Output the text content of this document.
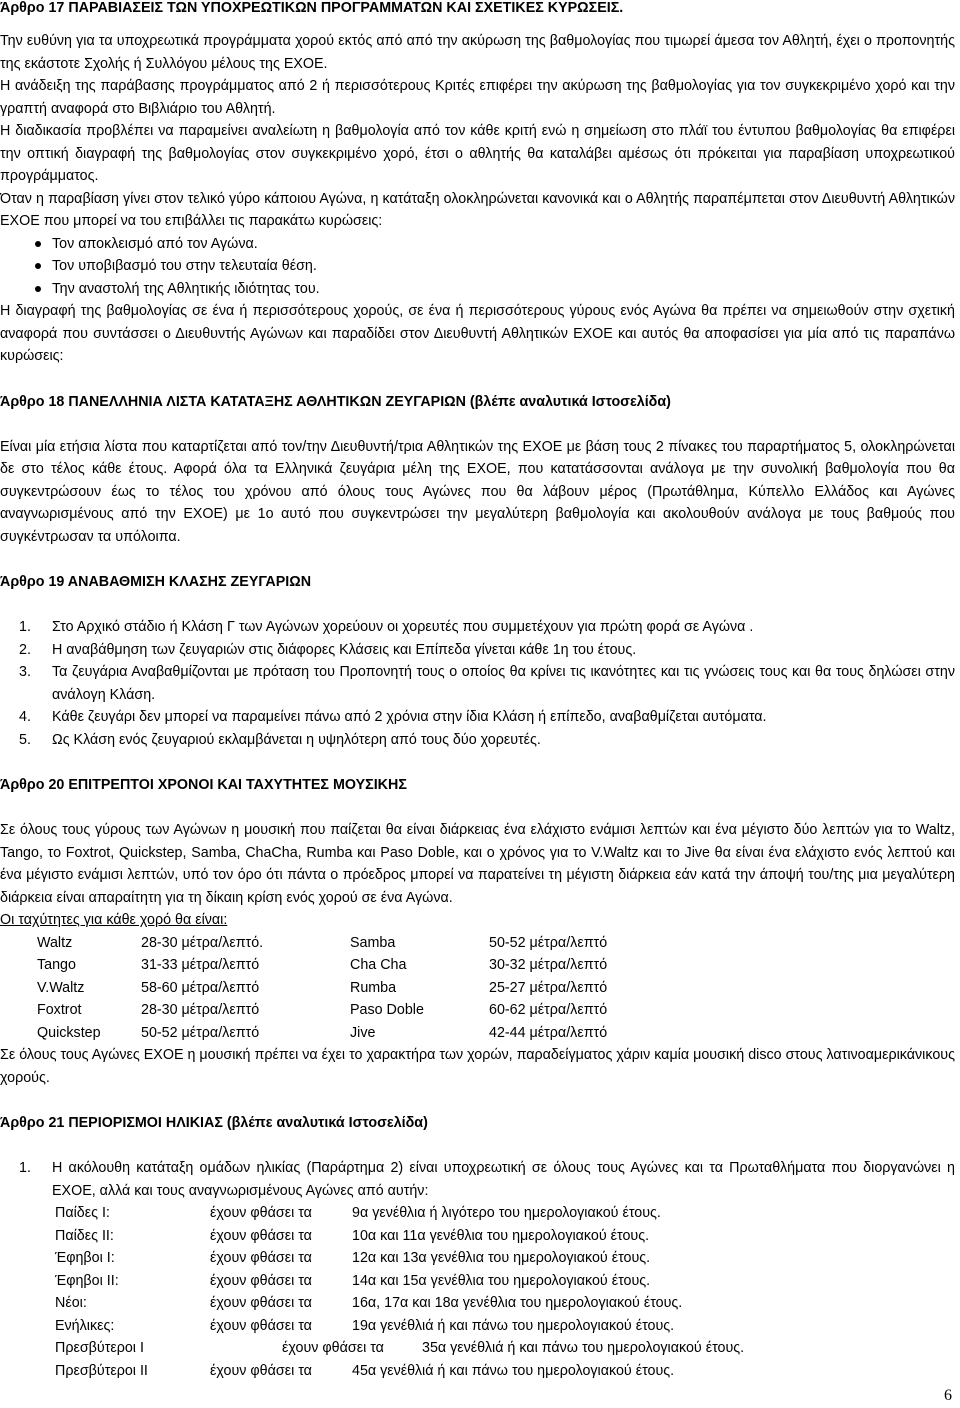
Άρθρο 17 ΠΑΡΑΒΙΑΣΕΙΣ ΤΩΝ ΥΠΟΧΡΕΩΤΙΚΩΝ ΠΡΟΓΡΑΜΜΑΤΩΝ ΚΑΙ ΣΧΕΤΙΚΕΣ ΚΥΡΩΣΕΙΣ.
Την ευθύνη για τα υποχρεωτικά προγράμματα χορού εκτός από από την ακύρωση της βαθμολογίας που τιμωρεί άμεσα τον Αθλητή, έχει ο προπονητής της εκάστοτε Σχολής ή Συλλόγου μέλους της ΕΧΟΕ.
Η ανάδειξη της παράβασης προγράμματος από 2 ή περισσότερους Κριτές επιφέρει την ακύρωση της βαθμολογίας για τον συγκεκριμένο χορό και την γραπτή αναφορά στο Βιβλιάριο του Αθλητή.
Η διαδικασία προβλέπει να παραμείνει αναλείωτη η βαθμολογία από τον κάθε κριτή ενώ η σημείωση στο πλάϊ του έντυπου βαθμολογίας θα επιφέρει την οπτική διαγραφή της βαθμολογίας στον συγκεκριμένο χορό, έτσι ο αθλητής θα καταλάβει αμέσως ότι πρόκειται για παραβίαση υποχρεωτικού προγράμματος.
Όταν η παραβίαση γίνει στον τελικό γύρο κάποιου Αγώνα, η κατάταξη ολοκληρώνεται κανονικά και ο Αθλητής παραπέμπεται στον Διευθυντή Αθλητικών ΕΧΟΕ που μπορεί να του επιβάλλει τις παρακάτω κυρώσεις:
Τον αποκλεισμό από τον Αγώνα.
Τον υποβιβασμό του στην τελευταία θέση.
Την αναστολή της Αθλητικής ιδιότητας του.
Η διαγραφή της βαθμολογίας σε ένα ή περισσότερους χορούς, σε ένα ή περισσότερους γύρους ενός Αγώνα θα πρέπει να σημειωθούν στην σχετική αναφορά που συντάσσει ο Διευθυντής Αγώνων και παραδίδει στον Διευθυντή Αθλητικών ΕΧΟΕ και αυτός θα αποφασίσει για μία από τις παραπάνω κυρώσεις:
Άρθρο 18 ΠΑΝΕΛΛΗΝΙΑ ΛΙΣΤΑ ΚΑΤΑΤΑΞΗΣ ΑΘΛΗΤΙΚΩΝ ΖΕΥΓΑΡΙΩΝ (βλέπε αναλυτικά Ιστοσελίδα)
Είναι μία ετήσια λίστα που καταρτίζεται από τον/την Διευθυντή/τρια Αθλητικών της ΕΧΟΕ με βάση τους 2 πίνακες του παραρτήματος 5, ολοκληρώνεται δε στο τέλος κάθε έτους. Αφορά όλα τα Ελληνικά ζευγάρια μέλη της ΕΧΟΕ, που κατατάσσονται ανάλογα με την συνολική βαθμολογία που θα συγκεντρώσουν έως το τέλος του χρόνου από όλους τους Αγώνες που θα λάβουν μέρος (Πρωτάθλημα, Κύπελλο Ελλάδος και Αγώνες αναγνωρισμένους από την ΕΧΟΕ) με 1ο αυτό που συγκεντρώσει την μεγαλύτερη βαθμολογία και ακολουθούν ανάλογα με τους βαθμούς που συγκέντρωσαν τα υπόλοιπα.
Άρθρο 19 ΑΝΑΒΑΘΜΙΣΗ ΚΛΑΣΗΣ ΖΕΥΓΑΡΙΩΝ
1. Στο Αρχικό στάδιο ή Κλάση Γ των Αγώνων χορεύουν οι χορευτές που συμμετέχουν για πρώτη φορά σε Αγώνα .
2. Η αναβάθμηση των ζευγαριών στις διάφορες Κλάσεις και Επίπεδα γίνεται κάθε 1η του έτους.
3. Τα ζευγάρια Αναβαθμίζονται με πρόταση του Προπονητή τους ο οποίος θα κρίνει τις ικανότητες και τις γνώσεις τους και θα τους δηλώσει στην ανάλογη Κλάση.
4. Κάθε ζευγάρι δεν μπορεί να παραμείνει πάνω από 2 χρόνια στην ίδια Κλάση ή επίπεδο, αναβαθμίζεται αυτόματα.
5. Ως Κλάση ενός ζευγαριού εκλαμβάνεται η υψηλότερη από τους δύο χορευτές.
Άρθρο 20 ΕΠΙΤΡΕΠΤΟΙ ΧΡΟΝΟΙ ΚΑΙ ΤΑΧΥΤΗΤΕΣ ΜΟΥΣΙΚΗΣ
Σε όλους τους γύρους των Αγώνων η μουσική που παίζεται θα είναι διάρκειας ένα ελάχιστο ενάμισι λεπτών και ένα μέγιστο δύο λεπτών για το Waltz, Tango, το Foxtrot, Quickstep, Samba, ChaCha, Rumba και Paso Doble, και ο χρόνος για το V.Waltz και το Jive θα είναι ένα ελάχιστο ενός λεπτού και ένα μέγιστο ενάμισι λεπτών, υπό τον όρο ότι πάντα ο πρόεδρος μπορεί να παρατείνει τη μέγιστη διάρκεια εάν κατά την άποψή του/της μια μεγαλύτερη διάρκεια είναι απαραίτητη για τη δίκαιη κρίση ενός χορού σε ένα Αγώνα.
Οι ταχύτητες για κάθε χορό θα είναι:
Waltz	28-30 μέτρα/λεπτό.	Samba	50-52 μέτρα/λεπτό
Tango	31-33 μέτρα/λεπτό	Cha Cha	30-32 μέτρα/λεπτό
V.Waltz	58-60 μέτρα/λεπτό	Rumba	25-27 μέτρα/λεπτό
Foxtrot	28-30 μέτρα/λεπτό	Paso Doble	60-62 μέτρα/λεπτό
Quickstep	50-52 μέτρα/λεπτό	Jive	42-44 μέτρα/λεπτό
Σε όλους τους Αγώνες ΕΧΟΕ η μουσική πρέπει να έχει το χαρακτήρα των χορών, παραδείγματος χάριν καμία μουσική disco στους λατινοαμερικάνικους χορούς.
Άρθρο 21 ΠΕΡΙΟΡΙΣΜΟΙ ΗΛΙΚΙΑΣ (βλέπε αναλυτικά Ιστοσελίδα)
1. Η ακόλουθη κατάταξη ομάδων ηλικίας (Παράρτημα 2) είναι υποχρεωτική σε όλους τους Αγώνες και τα Πρωταθλήματα που διοργανώνει η ΕΧΟΕ, αλλά και τους αναγνωρισμένους Αγώνες από αυτήν:
Παίδες Ι:	έχουν φθάσει τα	9α γενέθλια ή λιγότερο του ημερολογιακού έτους.
Παίδες ΙΙ:	έχουν φθάσει τα	10α και 11α γενέθλια του ημερολογιακού έτους.
Έφηβοι Ι:	έχουν φθάσει τα	12α και 13α γενέθλια του ημερολογιακού έτους.
Έφηβοι ΙΙ:	έχουν φθάσει τα	14α και 15α γενέθλια του ημερολογιακού έτους.
Νέοι:	έχουν φθάσει τα	16α, 17α και 18α γενέθλια του ημερολογιακού έτους.
Ενήλικες:	έχουν φθάσει τα	19α γενέθλιά ή και πάνω του ημερολογιακού έτους.
Πρεσβύτεροι Ι	έχουν φθάσει τα	35α γενέθλιά ή και πάνω του ημερολογιακού έτους.
Πρεσβύτεροι ΙΙ	έχουν φθάσει τα	45α γενέθλιά ή και πάνω του ημερολογιακού έτους.
6
